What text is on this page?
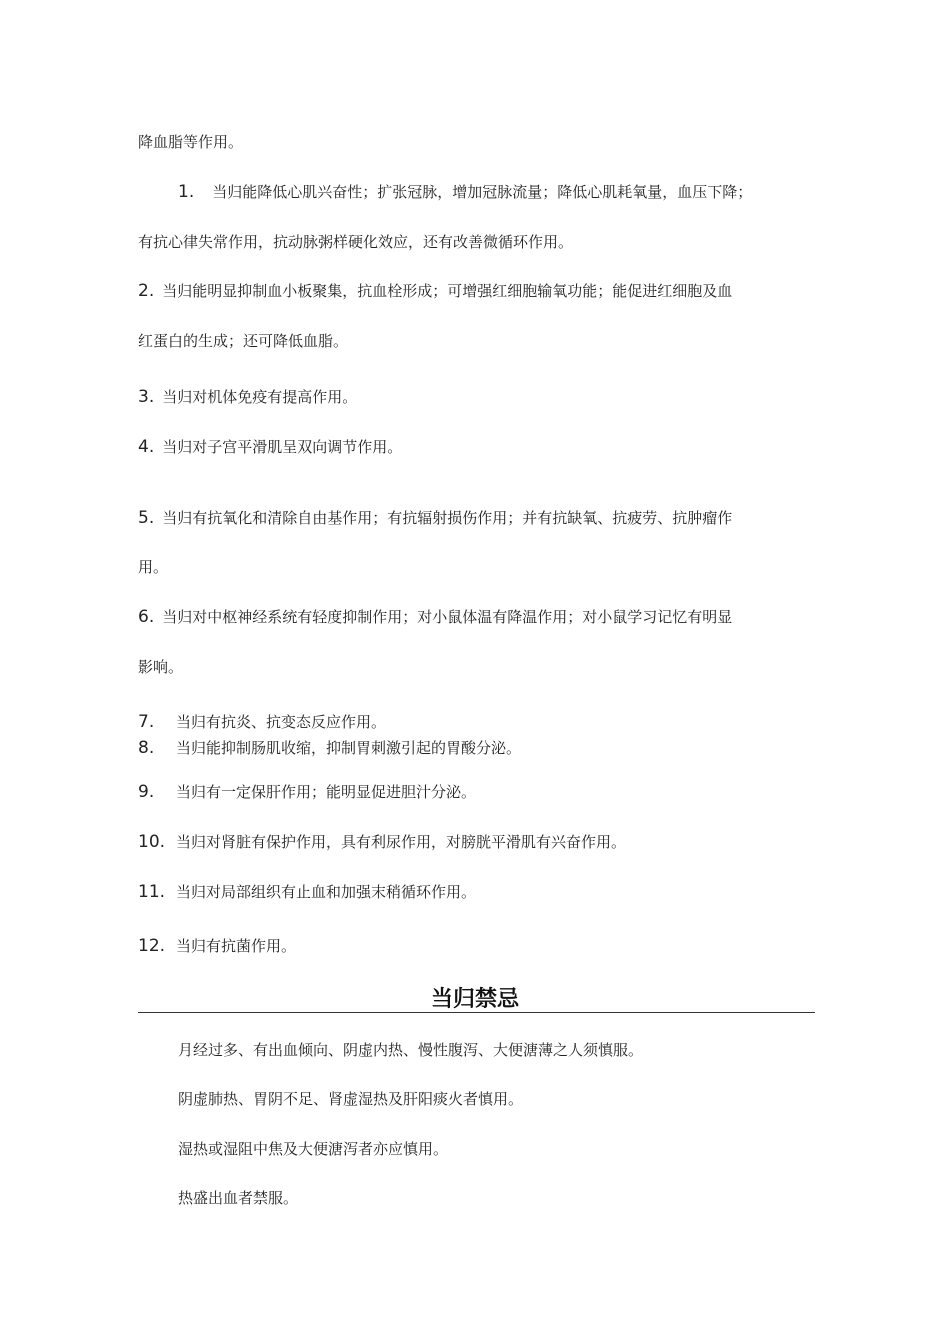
降血脂等作用。
1. 当归能降低心肌兴奋性；扩张冠脉，增加冠脉流量；降低心肌耗氧量，血压下降；
有抗心律失常作用，抗动脉粥样硬化效应，还有改善微循环作用。
2. 当归能明显抑制血小板聚集，抗血栓形成；可增强红细胞输氧功能；能促进红细胞及血
红蛋白的生成；还可降低血脂。
3. 当归对机体免疫有提高作用。
4. 当归对子宫平滑肌呈双向调节作用。
5. 当归有抗氧化和清除自由基作用；有抗辐射损伤作用；并有抗缺氧、抗疲劳、抗肿瘤作
用。
6. 当归对中枢神经系统有轻度抑制作用；对小鼠体温有降温作用；对小鼠学习记忆有明显
影响。
7. 当归有抗炎、抗变态反应作用。
8. 当归能抑制肠肌收缩，抑制胃刺激引起的胃酸分泌。
9. 当归有一定保肝作用；能明显促进胆汁分泌。
10. 当归对肾脏有保护作用，具有利尿作用，对膀胱平滑肌有兴奋作用。
11. 当归对局部组织有止血和加强末稍循环作用。
12. 当归有抗菌作用。
当归禁忌
月经过多、有出血倾向、阴虚内热、慢性腹泻、大便溏薄之人须慎服。
阴虚肺热、胃阴不足、肾虚湿热及肝阳痰火者慎用。
湿热或湿阻中焦及大便溏泻者亦应慎用。
热盛出血者禁服。
